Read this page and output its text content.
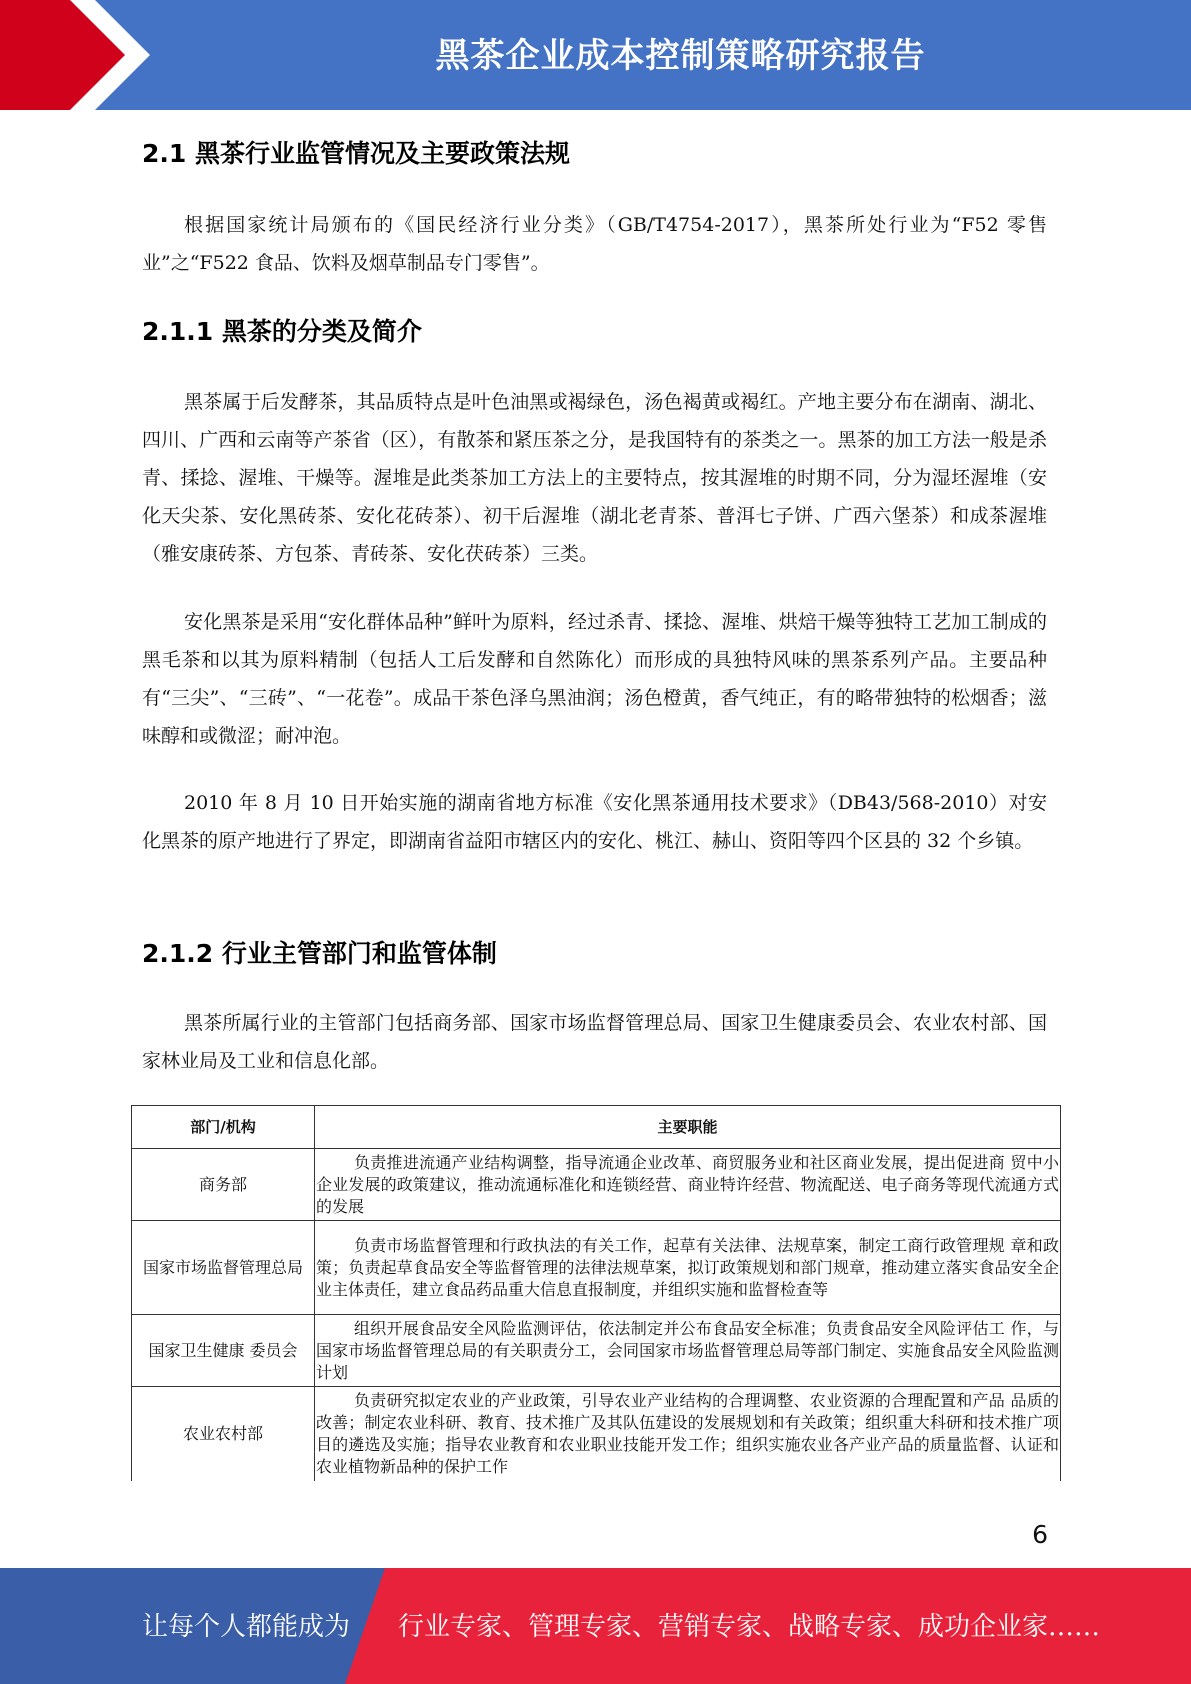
黑茶企业成本控制策略研究报告
2.1 黑茶行业监管情况及主要政策法规

根据国家统计局颁布的《国民经济行业分类》（GB/T4754-2017），黑茶所处行业为“F52 零售业”之“F522 食品、饮料及烟草制品专门零售”。

2.1.1 黑茶的分类及简介

黑茶属于后发酵茶，其品质特点是叶色油黑或褐绿色，汤色褐黄或褐红。产地主要分布在湖南、湖北、四川、广西和云南等产茶省（区），有散茶和紧压茶之分，是我国特有的茶类之一。黑茶的加工方法一般是杀青、揉捻、渥堆、干燥等。渥堆是此类茶加工方法上的主要特点，按其渥堆的时期不同，分为湿坯渥堆（安化天尖茶、安化黑砖茶、安化花砖茶）、初干后渥堆（湖北老青茶、普洱七子饼、广西六堡茶）和成茶渥堆（雅安康砖茶、方包茶、青砖茶、安化茯砖茶）三类。

安化黑茶是采用“安化群体品种”鲜叶为原料，经过杀青、揉捻、渥堆、烘焙干燥等独特工艺加工制成的黑毛茶和以其为原料精制（包括人工后发酵和自然陈化）而形成的具独特风味的黑茶系列产品。主要品种有“三尖”、“三砖”、“一花卷”。成品干茶色泽乌黑油润；汤色橙黄，香气纯正，有的略带独特的松烟香；滋味醇和或微涩；耐冲泡。

2010 年 8 月 10 日开始实施的湖南省地方标准《安化黑茶通用技术要求》（DB43/568-2010）对安化黑茶的原产地进行了界定，即湖南省益阳市辖区内的安化、桃江、赫山、资阳等四个区县的 32 个乡镇。

2.1.2 行业主管部门和监管体制

黑茶所属行业的主管部门包括商务部、国家市场监督管理总局、国家卫生健康委员会、农业农村部、国家林业局及工业和信息化部。

部门/机构	主要职能
商务部	负责推进流通产业结构调整，指导流通企业改革、商贸服务业和社区商业发展，提出促进商 贸中小企业发展的政策建议，推动流通标准化和连锁经营、商业特许经营、物流配送、电子商务等现代流通方式的发展
国家市场监督管理总局	负责市场监督管理和行政执法的有关工作，起草有关法律、法规草案，制定工商行政管理规 章和政策；负责起草食品安全等监督管理的法律法规草案，拟订政策规划和部门规章，推动建立落实食品安全企业主体责任，建立食品药品重大信息直报制度，并组织实施和监督检查等
国家卫生健康 委员会	组织开展食品安全风险监测评估，依法制定并公布食品安全标准；负责食品安全风险评估工 作，与国家市场监督管理总局的有关职责分工，会同国家市场监督管理总局等部门制定、实施食品安全风险监测计划
农业农村部	负责研究拟定农业的产业政策，引导农业产业结构的合理调整、农业资源的合理配置和产品 品质的改善；制定农业科研、教育、技术推广及其队伍建设的发展规划和有关政策；组织重大科研和技术推广项目的遴选及实施；指导农业教育和农业职业技能开发工作；组织实施农业各产业产品的质量监督、认证和农业植物新品种的保护工作
6
让每个人都能成为 行业专家、管理专家、营销专家、战略专家、成功企业家……
